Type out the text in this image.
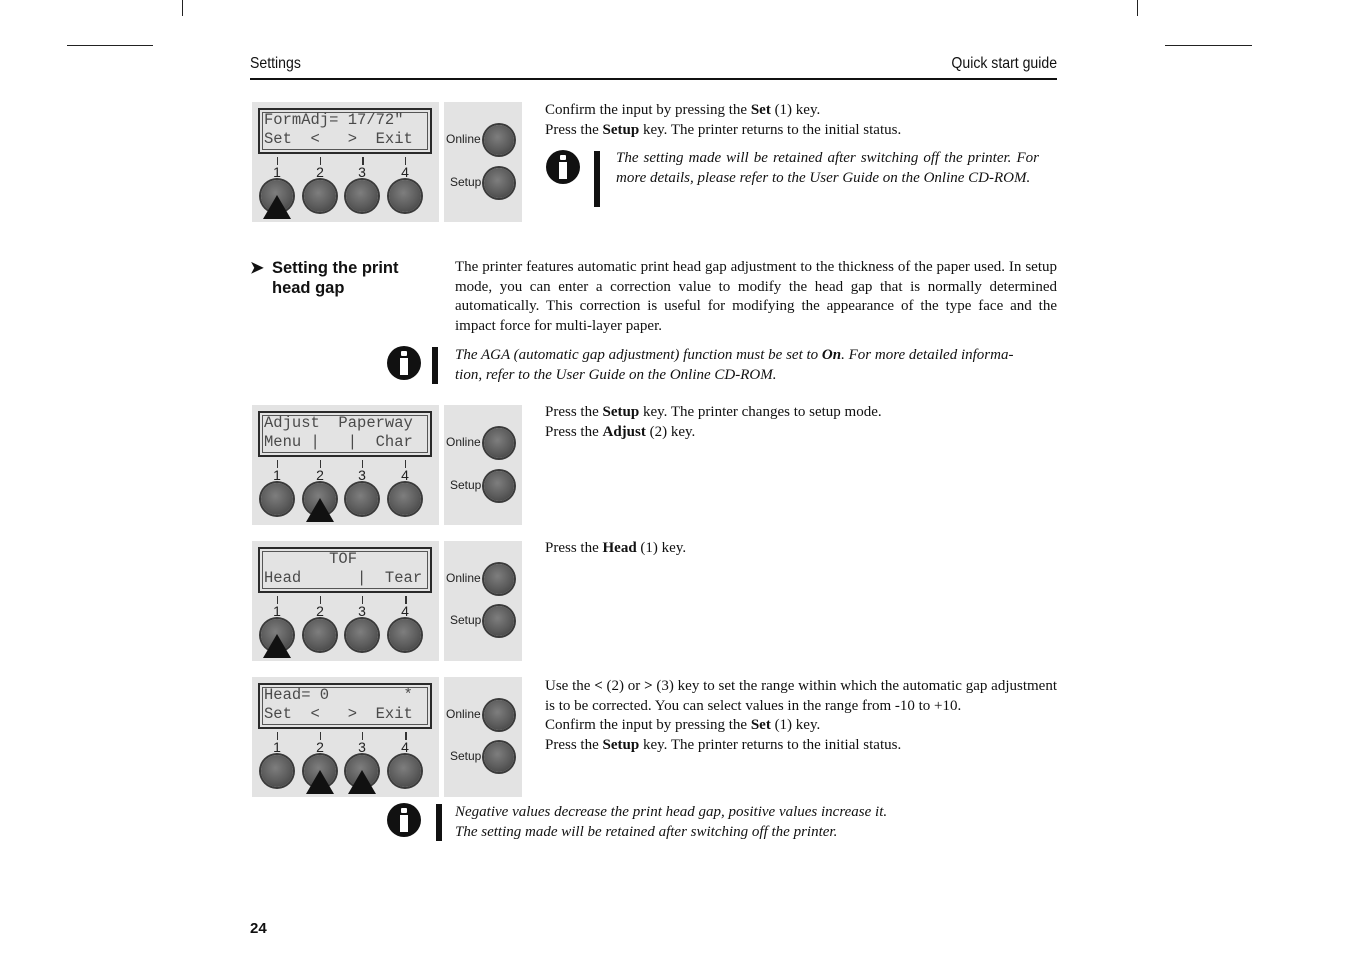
Settings	Quick start guide
FormAdj= 17/72"
Set  <   >  Exit
1	2	3	4
Online
Setup

Confirm the input by pressing the Set (1) key.

Press the Setup key. The printer returns to the initial status.

The setting made will be retained after switching off the printer. For more details, please refer to the User Guide on the Online CD-ROM.
➤ Setting the print
head gap
The printer features automatic print head gap adjustment to the thickness of the paper used. In setup mode, you can enter a correction value to modify the head gap that is normally determined automatically. This correction is useful for modifying the appearance of the type face and the impact force for multi-layer paper.
The AGA (automatic gap adjustment) function must be set to On. For more detailed informa-
tion, refer to the User Guide on the Online CD-ROM.
Adjust  Paperway
Menu |   |  Char
1	2	3	4
Online
Setup

Press the Setup key. The printer changes to setup mode.

Press the Adjust (2) key.

TOF
Head      |  Tear
1	2	3	4
Online
Setup

Press the Head (1) key.

Head= 0        *
Set  <   >  Exit
1	2	3	4
Online
Setup

Use the < (2) or > (3) key to set the range within which the automatic gap adjustment is to be corrected. You can select values in the range from -10 to +10.

Confirm the input by pressing the Set (1) key.

Press the Setup key. The printer returns to the initial status.

Negative values decrease the print head gap, positive values increase it.
The setting made will be retained after switching off the printer.
24
